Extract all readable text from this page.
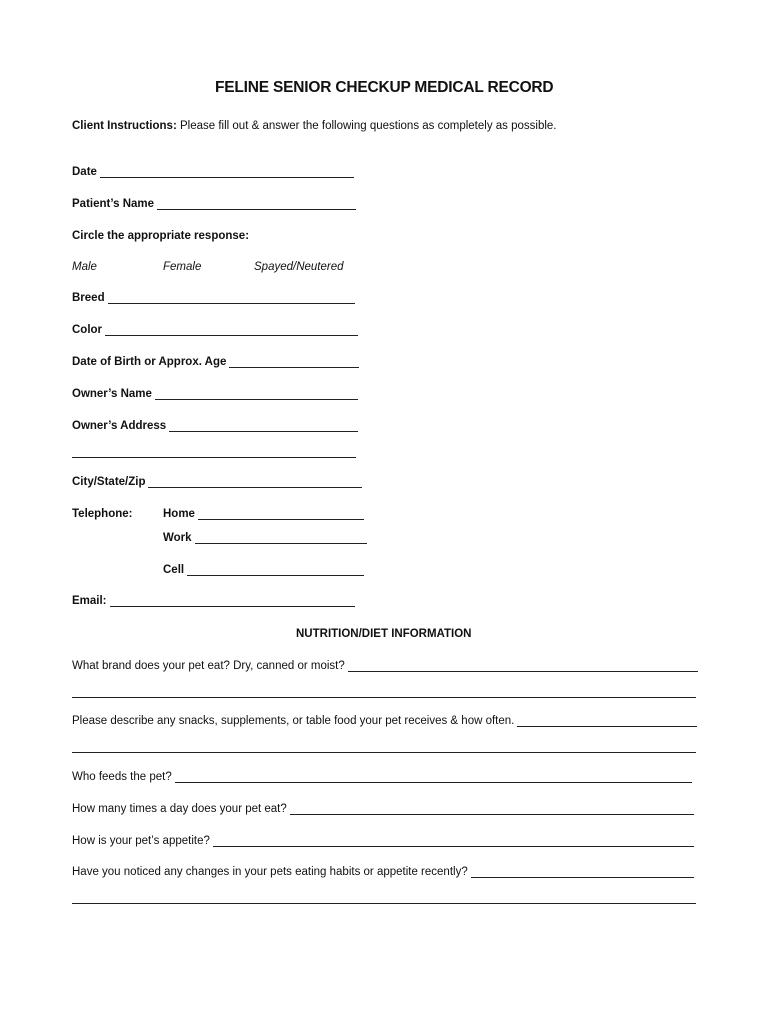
FELINE SENIOR CHECKUP MEDICAL RECORD
Client Instructions: Please fill out & answer the following questions as completely as possible.
Date
Patient’s Name
Circle the appropriate response:
Male	Female	Spayed/Neutered
Breed
Color
Date of Birth or Approx. Age
Owner’s Name
Owner’s Address
City/State/Zip
Telephone:	Home
Work
Cell
Email:
NUTRITION/DIET INFORMATION
What brand does your pet eat? Dry, canned or moist?
Please describe any snacks, supplements, or table food your pet receives & how often.
Who feeds the pet?
How many times a day does your pet eat?
How is your pet’s appetite?
Have you noticed any changes in your pets eating habits or appetite recently?
